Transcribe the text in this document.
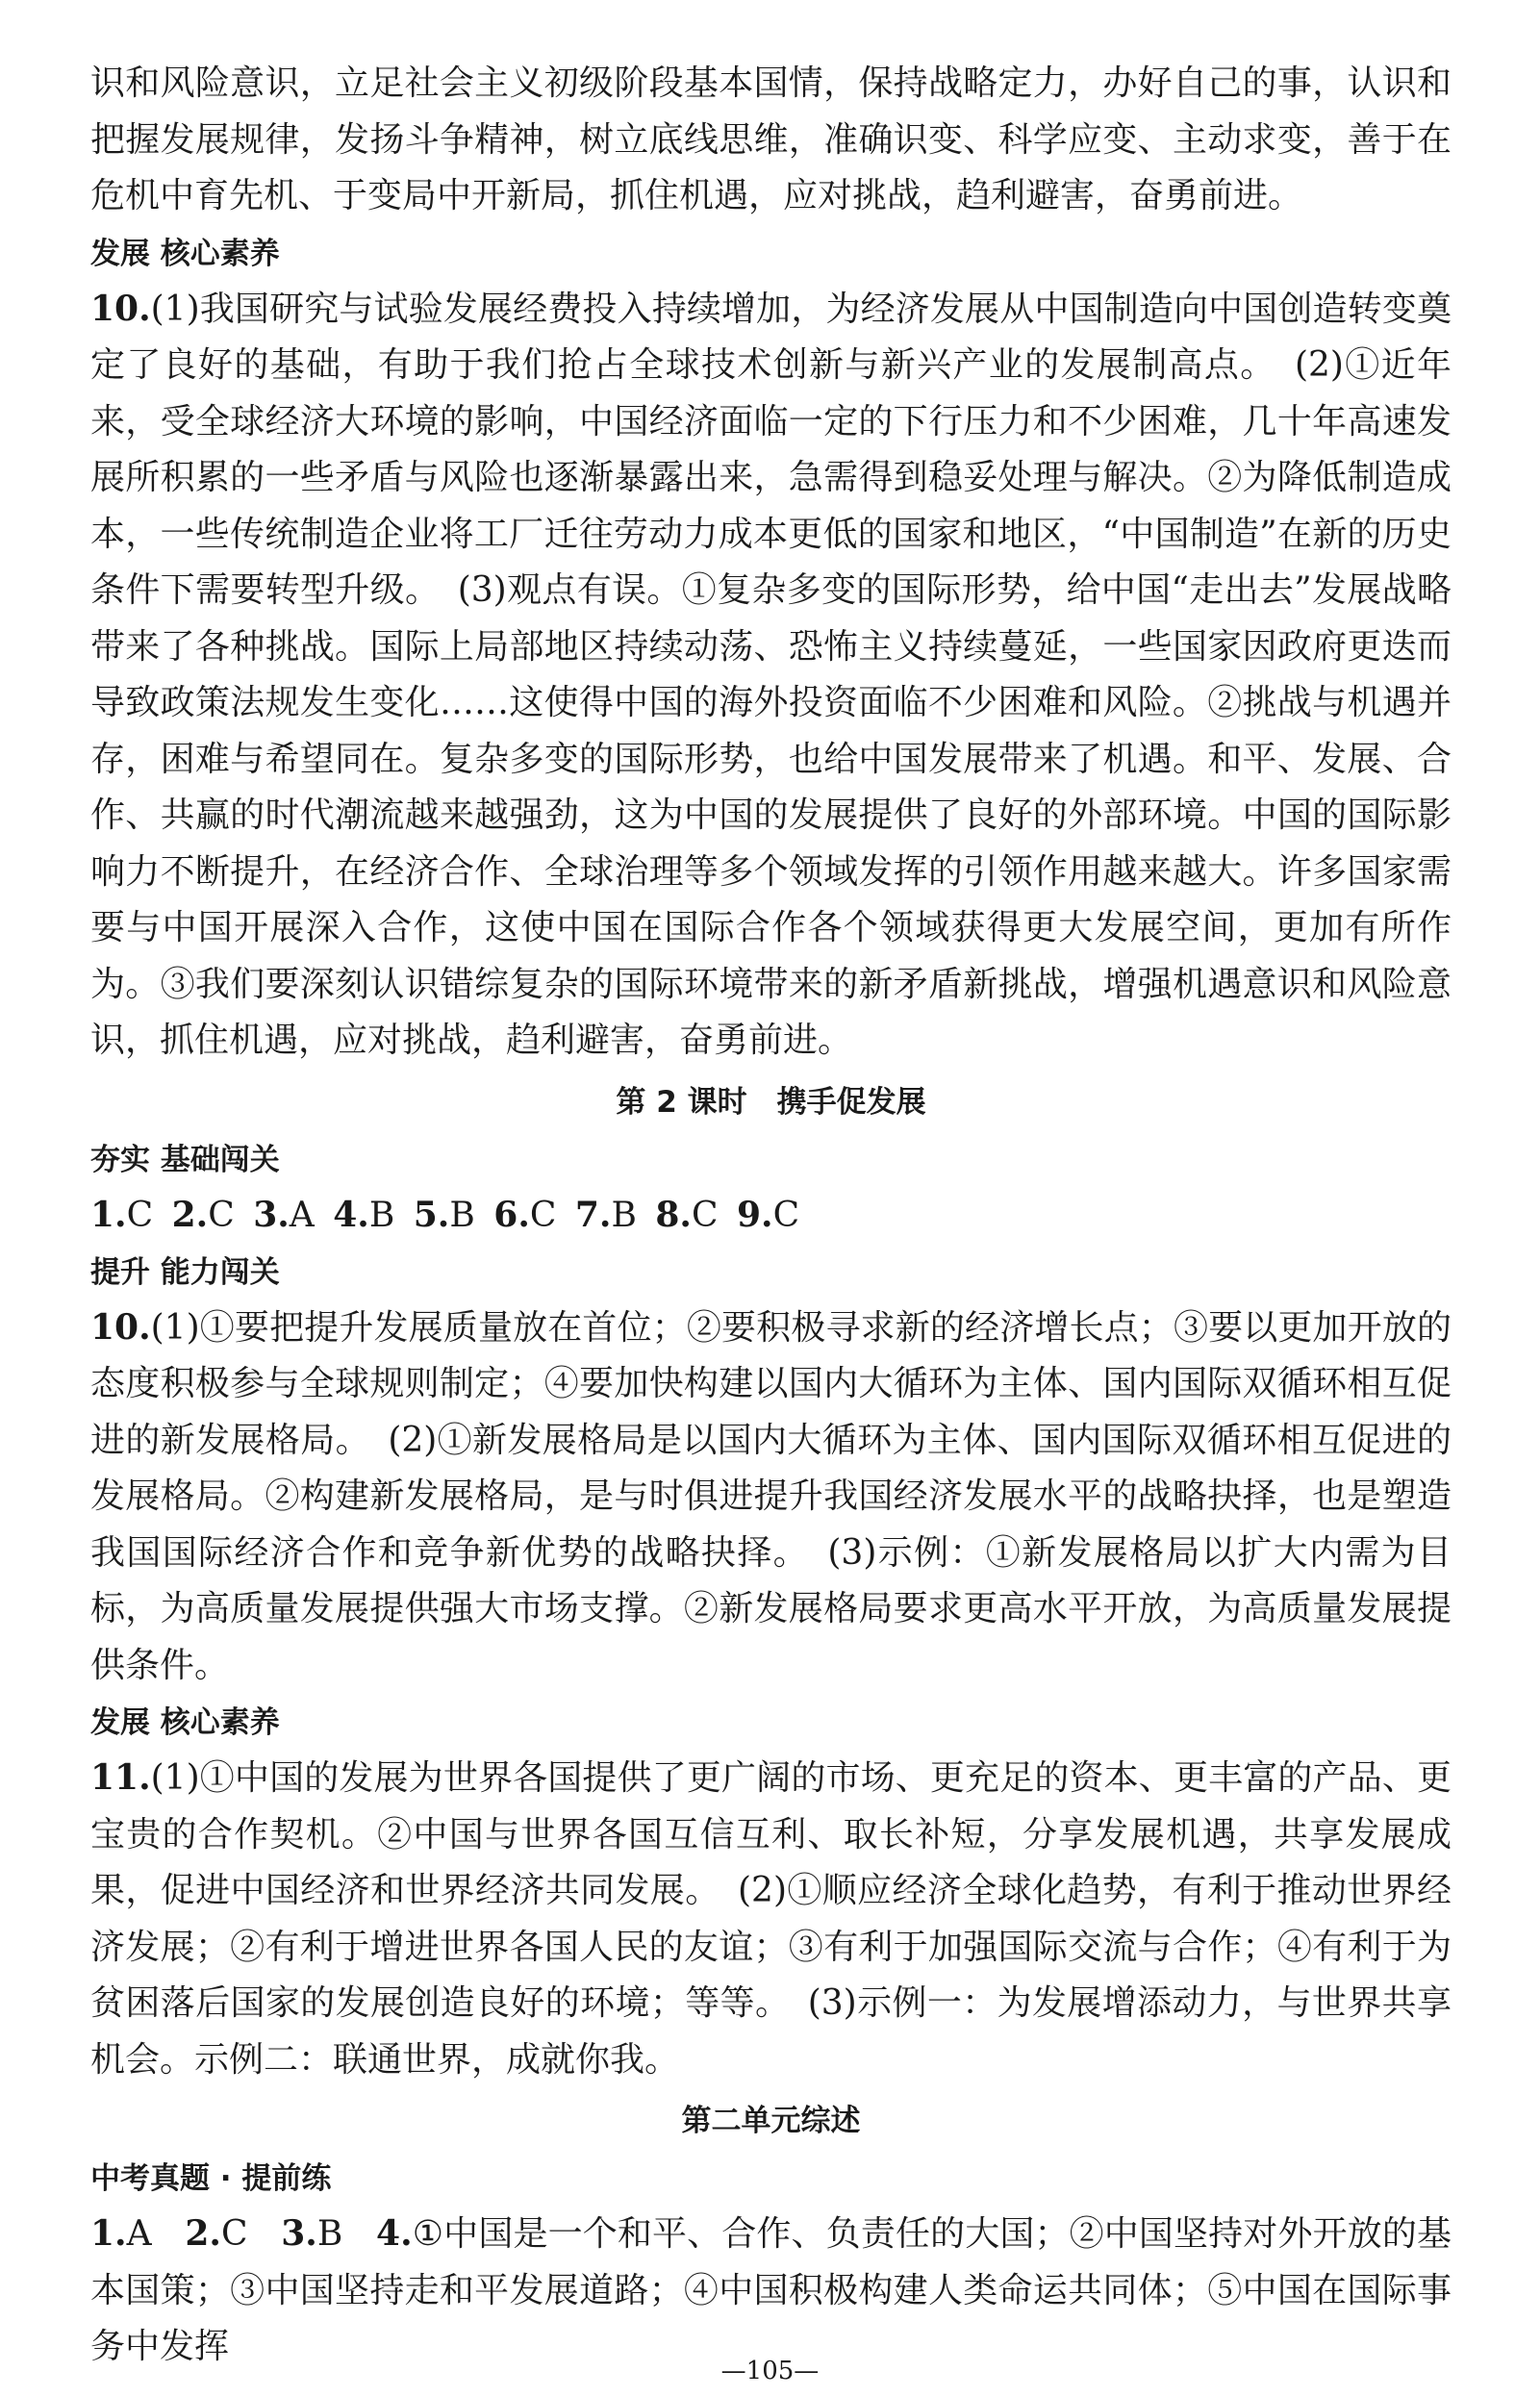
识和风险意识，立足社会主义初级阶段基本国情，保持战略定力，办好自己的事，认识和把握发展规律，发扬斗争精神，树立底线思维，准确识变、科学应变、主动求变，善于在危机中育先机、于变局中开新局，抓住机遇，应对挑战，趋利避害，奋勇前进。

发展 核心素养

10.(1)我国研究与试验发展经费投入持续增加，为经济发展从中国制造向中国创造转变奠定了良好的基础，有助于我们抢占全球技术创新与新兴产业的发展制高点。　(2)①近年来，受全球经济大环境的影响，中国经济面临一定的下行压力和不少困难，几十年高速发展所积累的一些矛盾与风险也逐渐暴露出来，急需得到稳妥处理与解决。②为降低制造成本，一些传统制造企业将工厂迁往劳动力成本更低的国家和地区，“中国制造”在新的历史条件下需要转型升级。　(3)观点有误。①复杂多变的国际形势，给中国“走出去”发展战略带来了各种挑战。国际上局部地区持续动荡、恐怖主义持续蔓延，一些国家因政府更迭而导致政策法规发生变化……这使得中国的海外投资面临不少困难和风险。②挑战与机遇并存，困难与希望同在。复杂多变的国际形势，也给中国发展带来了机遇。和平、发展、合作、共赢的时代潮流越来越强劲，这为中国的发展提供了良好的外部环境。中国的国际影响力不断提升，在经济合作、全球治理等多个领域发挥的引领作用越来越大。许多国家需要与中国开展深入合作，这使中国在国际合作各个领域获得更大发展空间，更加有所作为。③我们要深刻认识错综复杂的国际环境带来的新矛盾新挑战，增强机遇意识和风险意识，抓住机遇，应对挑战，趋利避害，奋勇前进。

第 2 课时　携手促发展
夯实 基础闯关

1.C 2.C 3.A 4.B 5.B 6.C 7.B 8.C 9.C

提升 能力闯关

10.(1)①要把提升发展质量放在首位；②要积极寻求新的经济增长点；③要以更加开放的态度积极参与全球规则制定；④要加快构建以国内大循环为主体、国内国际双循环相互促进的新发展格局。　(2)①新发展格局是以国内大循环为主体、国内国际双循环相互促进的发展格局。②构建新发展格局，是与时俱进提升我国经济发展水平的战略抉择，也是塑造我国国际经济合作和竞争新优势的战略抉择。　(3)示例：①新发展格局以扩大内需为目标，为高质量发展提供强大市场支撑。②新发展格局要求更高水平开放，为高质量发展提供条件。

发展 核心素养

11.(1)①中国的发展为世界各国提供了更广阔的市场、更充足的资本、更丰富的产品、更宝贵的合作契机。②中国与世界各国互信互利、取长补短，分享发展机遇，共享发展成果，促进中国经济和世界经济共同发展。　(2)①顺应经济全球化趋势，有利于推动世界经济发展；②有利于增进世界各国人民的友谊；③有利于加强国际交流与合作；④有利于为贫困落后国家的发展创造良好的环境；等等。　(3)示例一：为发展增添动力，与世界共享机会。示例二：联通世界，成就你我。

第二单元综述
中考真题 · 提前练

1.A 2.C 3.B 4.①中国是一个和平、合作、负责任的大国；②中国坚持对外开放的基本国策；③中国坚持走和平发展道路；④中国积极构建人类命运共同体；⑤中国在国际事务中发挥

—105—
